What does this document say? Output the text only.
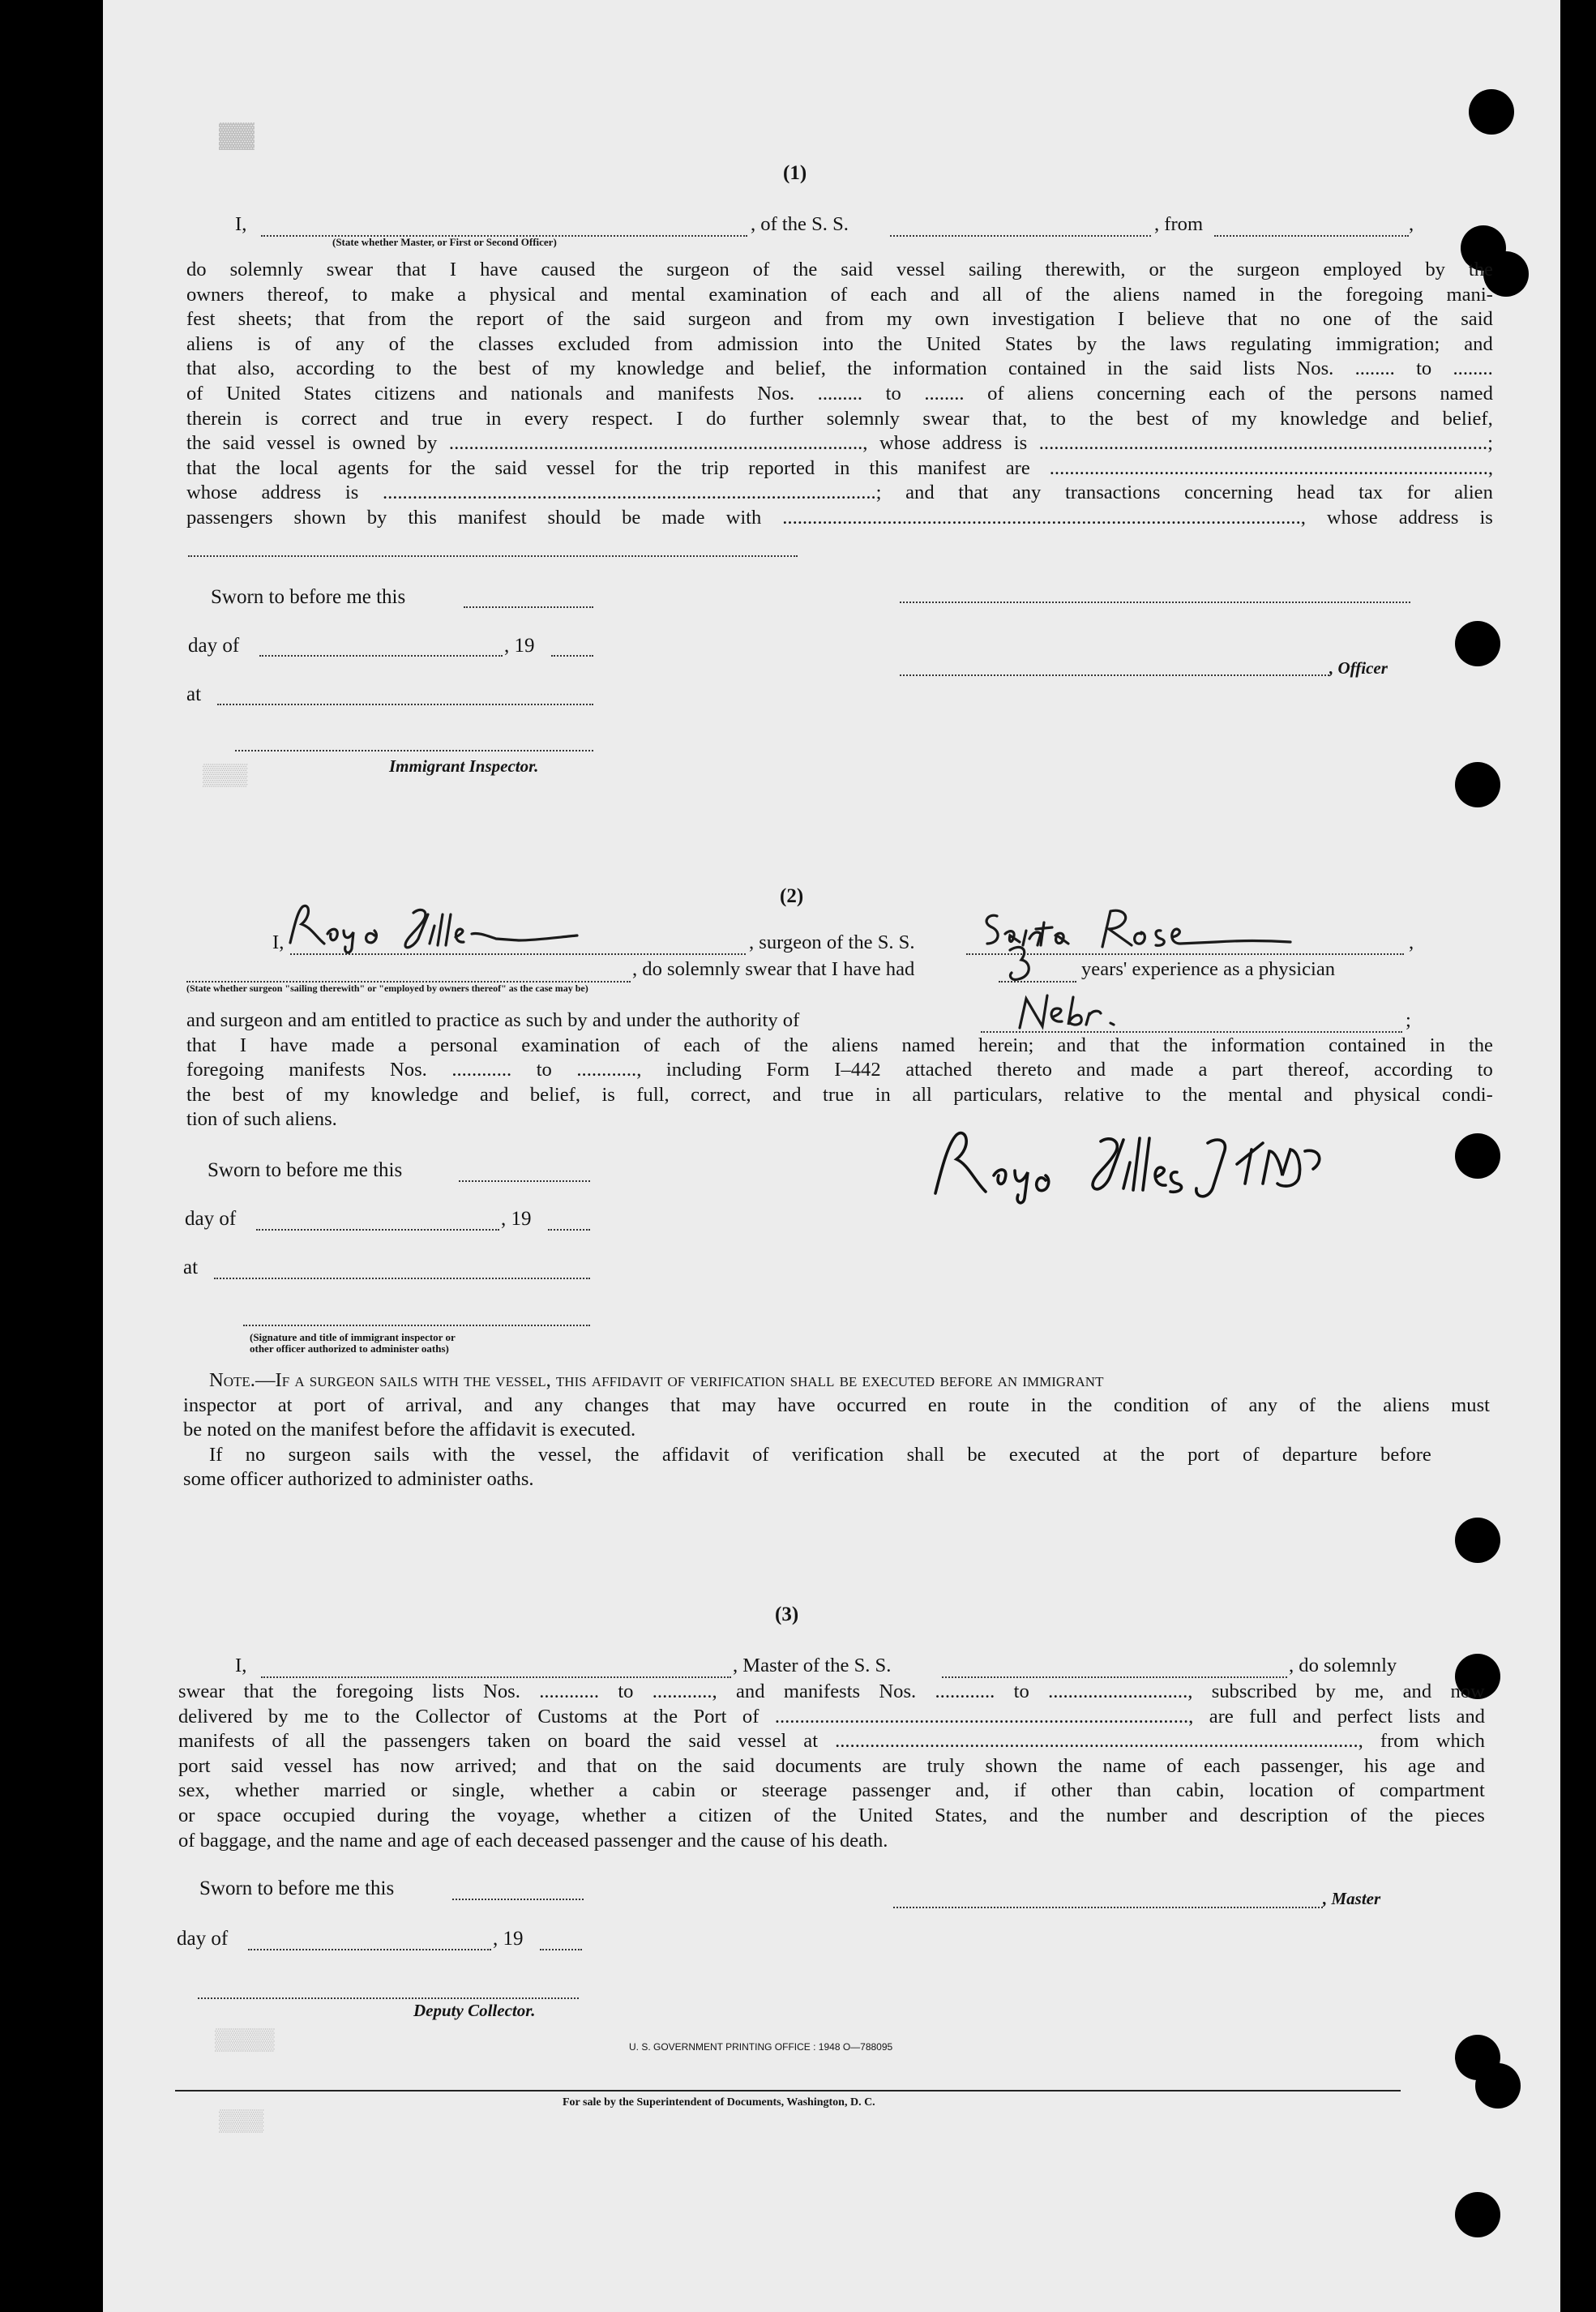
▓▓
▒▒▒
▒▒▒▒
▒▒▒
(1)
I,	, of the S. S.	, from	,
(State whether Master, or First or Second Officer)
do solemnly swear that I have caused the surgeon of the said vessel sailing therewith, or the surgeon employed by the
owners thereof, to make a physical and mental examination of each and all of the aliens named in the foregoing mani-
fest sheets; that from the report of the said surgeon and from my own investigation I believe that no one of the said
aliens is of any of the classes excluded from admission into the United States by the laws regulating immigration; and
that also, according to the best of my knowledge and belief, the information contained in the said lists Nos. ........ to ........
of United States citizens and nationals and manifests Nos. ......... to ........ of aliens concerning each of the persons named
therein is correct and true in every respect. I do further solemnly swear that, to the best of my knowledge and belief,
the said vessel is owned by ..................................................................................., whose address is ..........................................................................................;
that the local agents for the said vessel for the trip reported in this manifest are ........................................................................................,
whose address is ...................................................................................................; and that any transactions concerning head tax for alien
passengers shown by this manifest should be made with ........................................................................................................, whose address is
Sworn to before me this
day of	, 19
, Officer
at
Immigrant Inspector.
(2)
I,	, surgeon of the S. S.	,
, do solemnly swear that I have had	years' experience as a physician
(State whether surgeon "sailing therewith" or "employed by owners thereof" as the case may be)
and surgeon and am entitled to practice as such by and under the authority of
that I have made a personal examination of each of the aliens named herein; and that the information contained in the
foregoing manifests Nos. ............ to ............, including Form I–442 attached thereto and made a part thereof, according to
the best of my knowledge and belief, is full, correct, and true in all particulars, relative to the mental and physical condi-
tion of such aliens.
;
Sworn to before me this
day of	, 19
at
(Signature and title of immigrant inspector or
other officer authorized to administer oaths)
Note.—If a surgeon sails with the vessel, this affidavit of verification shall be executed before an immigrant
inspector at port of arrival, and any changes that may have occurred en route in the condition of any of the aliens must
be noted on the manifest before the affidavit is executed.
If no surgeon sails with the vessel, the affidavit of verification shall be executed at the port of departure before
some officer authorized to administer oaths.
(3)
I,	, Master of the S. S.	, do solemnly
swear that the foregoing lists Nos. ............ to ............, and manifests Nos. ............ to ............................, subscribed by me, and now
delivered by me to the Collector of Customs at the Port of ..................................................................................., are full and perfect lists and
manifests of all the passengers taken on board the said vessel at ........................................................................................................., from which
port said vessel has now arrived; and that on the said documents are truly shown the name of each passenger, his age and
sex, whether married or single, whether a cabin or steerage passenger and, if other than cabin, location of compartment
or space occupied during the voyage, whether a citizen of the United States, and the number and description of the pieces
of baggage, and the name and age of each deceased passenger and the cause of his death.
Sworn to before me this	, Master
day of	, 19
Deputy Collector.
U. S. GOVERNMENT PRINTING OFFICE : 1948 O—788095
For sale by the Superintendent of Documents, Washington, D. C.
